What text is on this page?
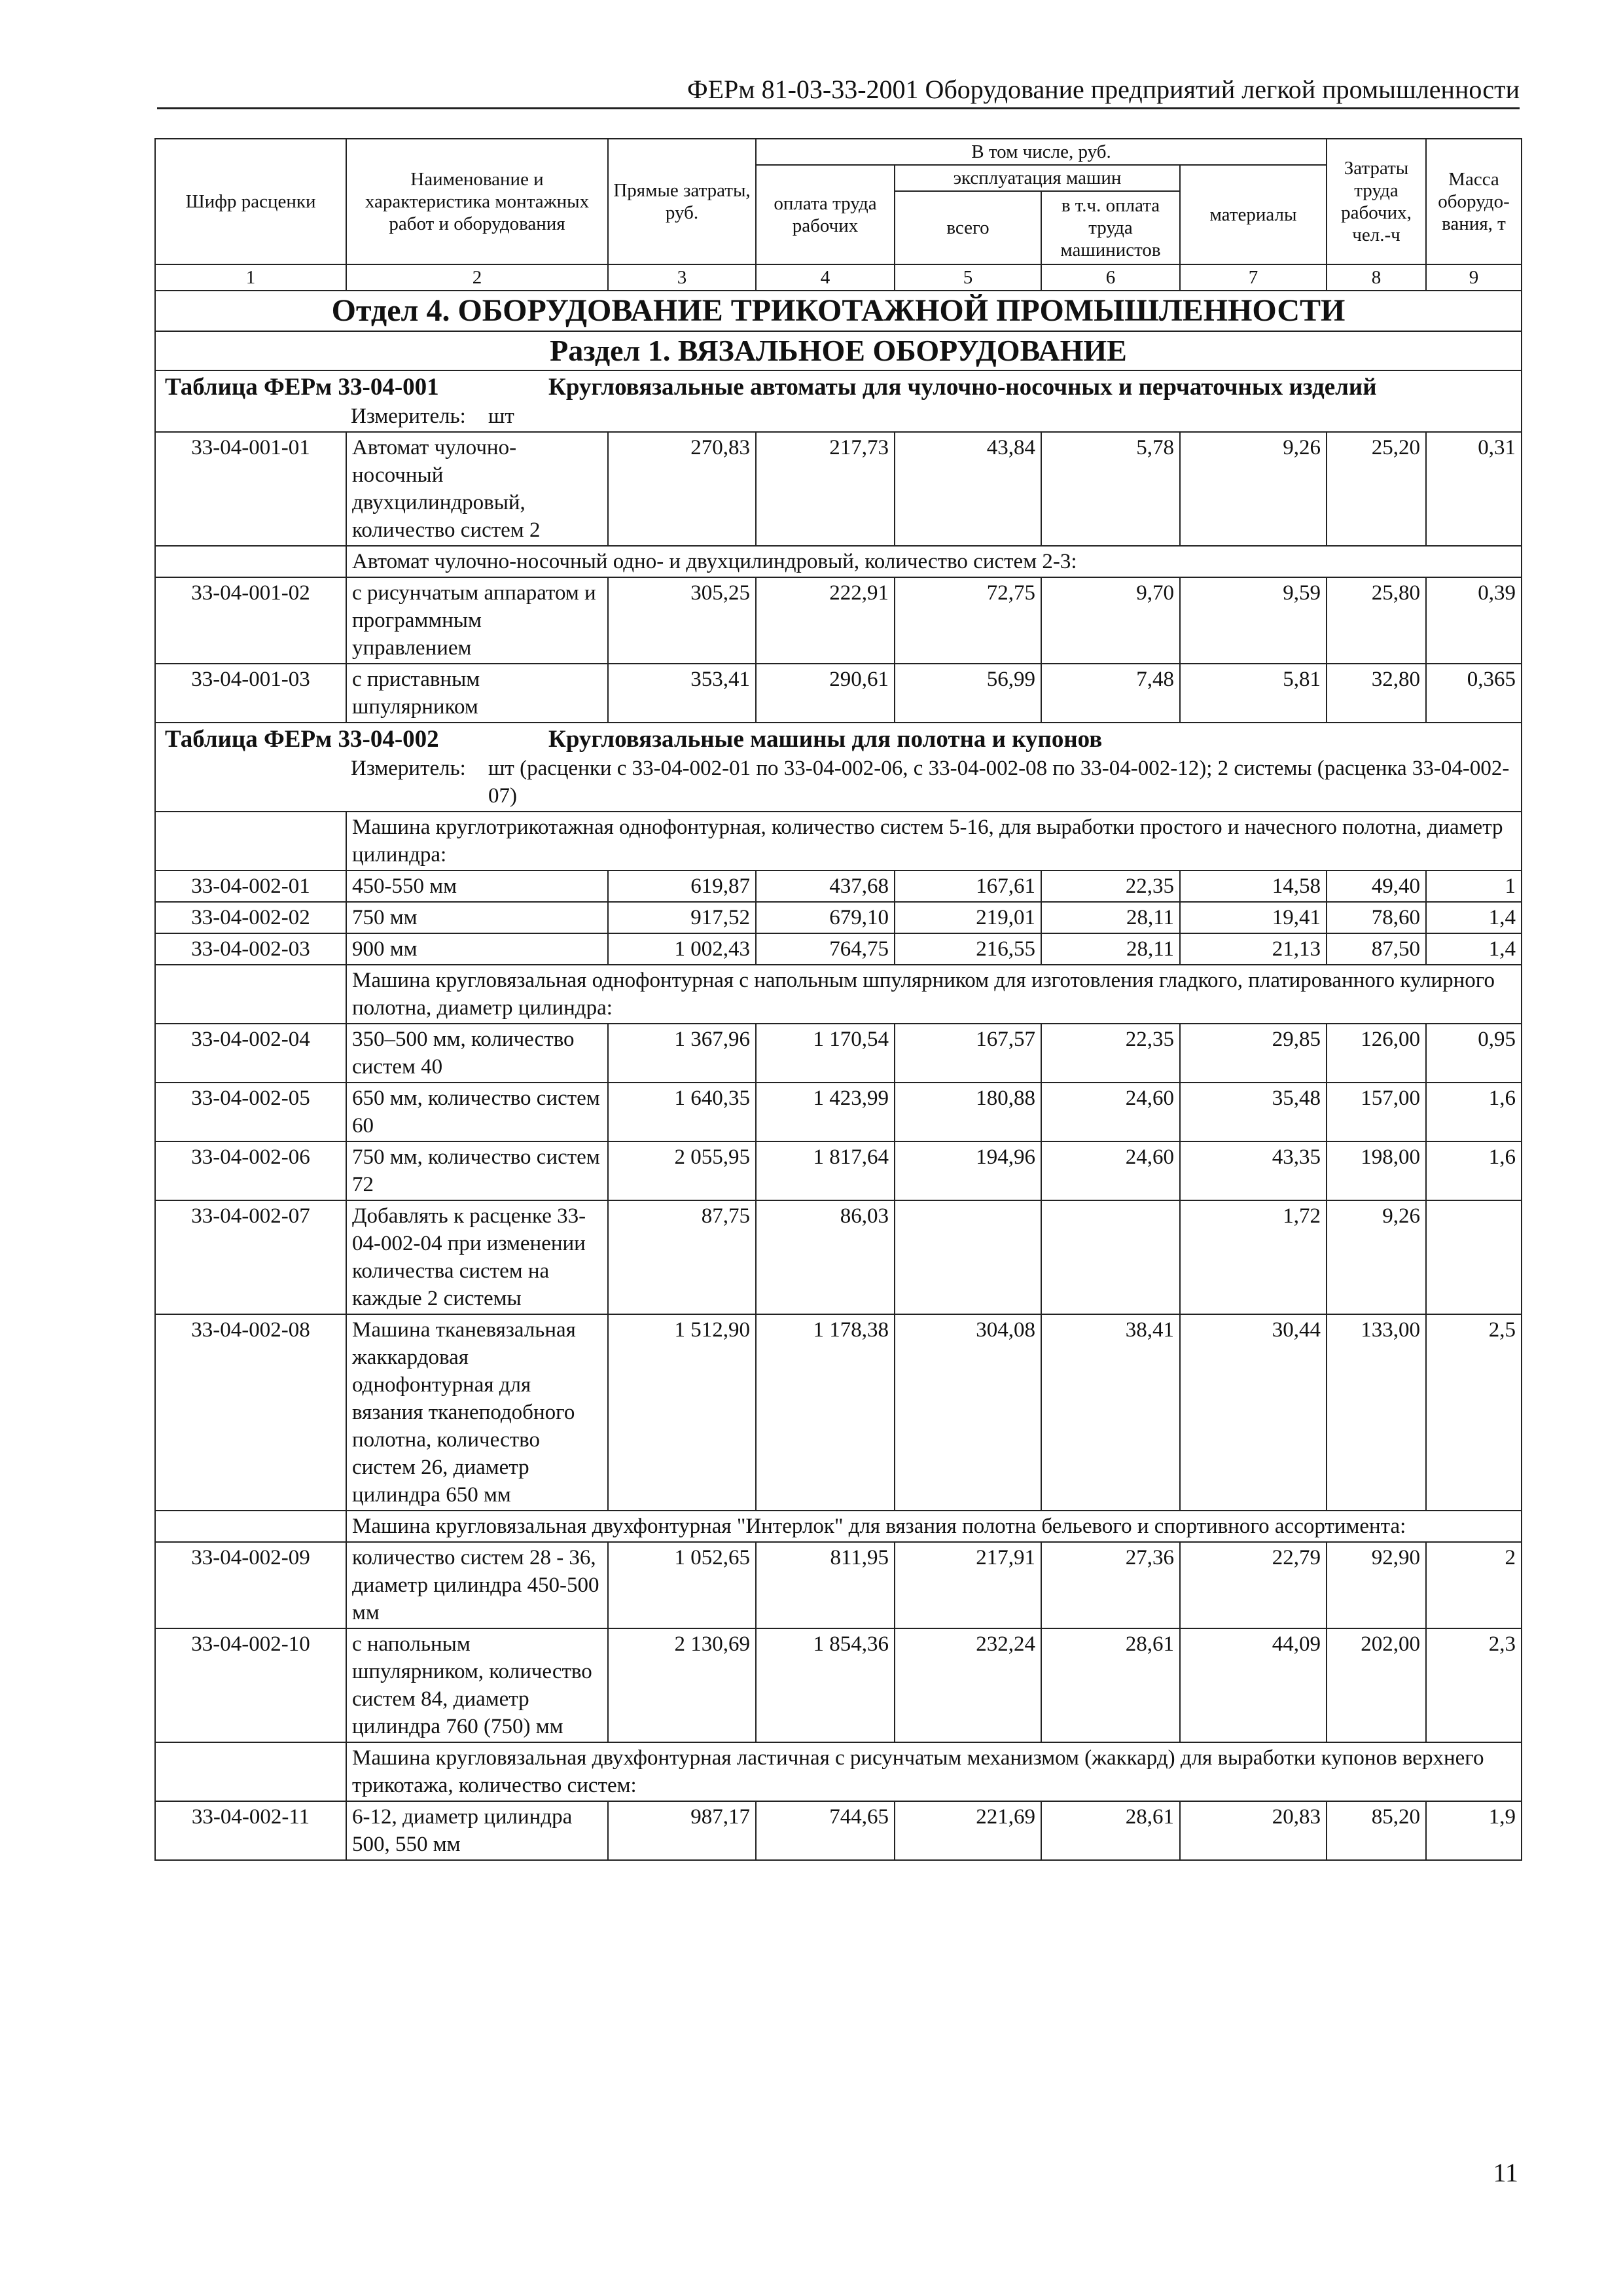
ФЕРм 81-03-33-2001 Оборудование предприятий легкой промышленности
Шифр расценки	Наименование и характеристика монтажных работ и оборудования	Прямые затраты, руб.	В том числе, руб.				Затраты труда рабочих, чел.-ч	Масса оборудо-вания, т
			оплата труда рабочих	эксплуатация машин		материалы		
				всего	в т.ч. оплата труда машинистов			
1	2	3	4	5	6	7	8	9
Отдел 4. ОБОРУДОВАНИЕ ТРИКОТАЖНОЙ ПРОМЫШЛЕННОСТИ								
Раздел 1. ВЯЗАЛЬНОЕ ОБОРУДОВАНИЕ								

Таблица ФЕРм 33-04-001 Кругловязальные автоматы для чулочно-носочных и перчаточных изделий
Измеритель: шт								

33-04-001-01	Автомат чулочно-носочный двухцилиндровый, количество систем 2	270,83	217,73	43,84	5,78	9,26	25,20	0,31
	Автомат чулочно-носочный одно- и двухцилиндровый, количество систем 2-3:							
33-04-001-02	с рисунчатым аппаратом и программным управлением	305,25	222,91	72,75	9,70	9,59	25,80	0,39
33-04-001-03	с приставным шпулярником	353,41	290,61	56,99	7,48	5,81	32,80	0,365

Таблица ФЕРм 33-04-002 Кругловязальные машины для полотна и купонов
Измеритель: шт (расценки с 33-04-002-01 по 33-04-002-06, с 33-04-002-08 по 33-04-002-12); 2 системы (расценка 33-04-002-07)								

	Машина круглотрикотажная однофонтурная, количество систем 5-16, для выработки простого и начесного полотна, диаметр цилиндра:							
33-04-002-01	450-550 мм	619,87	437,68	167,61	22,35	14,58	49,40	1
33-04-002-02	750 мм	917,52	679,10	219,01	28,11	19,41	78,60	1,4
33-04-002-03	900 мм	1 002,43	764,75	216,55	28,11	21,13	87,50	1,4
	Машина кругловязальная однофонтурная с напольным шпулярником для изготовления гладкого, платированного кулирного полотна, диаметр цилиндра:							
33-04-002-04	350–500 мм, количество систем 40	1 367,96	1 170,54	167,57	22,35	29,85	126,00	0,95
33-04-002-05	650 мм, количество систем 60	1 640,35	1 423,99	180,88	24,60	35,48	157,00	1,6
33-04-002-06	750 мм, количество систем 72	2 055,95	1 817,64	194,96	24,60	43,35	198,00	1,6
33-04-002-07	Добавлять к расценке 33-04-002-04 при изменении количества систем на каждые 2 системы	87,75	86,03			1,72	9,26	
33-04-002-08	Машина тканевязальная жаккардовая однофонтурная для вязания тканеподобного полотна, количество систем 26, диаметр цилиндра 650 мм	1 512,90	1 178,38	304,08	38,41	30,44	133,00	2,5
	Машина кругловязальная двухфонтурная "Интерлок" для вязания полотна бельевого и спортивного ассортимента:							
33-04-002-09	количество систем 28 - 36, диаметр цилиндра 450-500 мм	1 052,65	811,95	217,91	27,36	22,79	92,90	2
33-04-002-10	с напольным шпулярником, количество систем 84, диаметр цилиндра 760 (750) мм	2 130,69	1 854,36	232,24	28,61	44,09	202,00	2,3
	Машина кругловязальная двухфонтурная ластичная с рисунчатым механизмом (жаккард) для выработки купонов верхнего трикотажа, количество систем:							
33-04-002-11	6-12, диаметр цилиндра 500, 550 мм	987,17	744,65	221,69	28,61	20,83	85,20	1,9
11
